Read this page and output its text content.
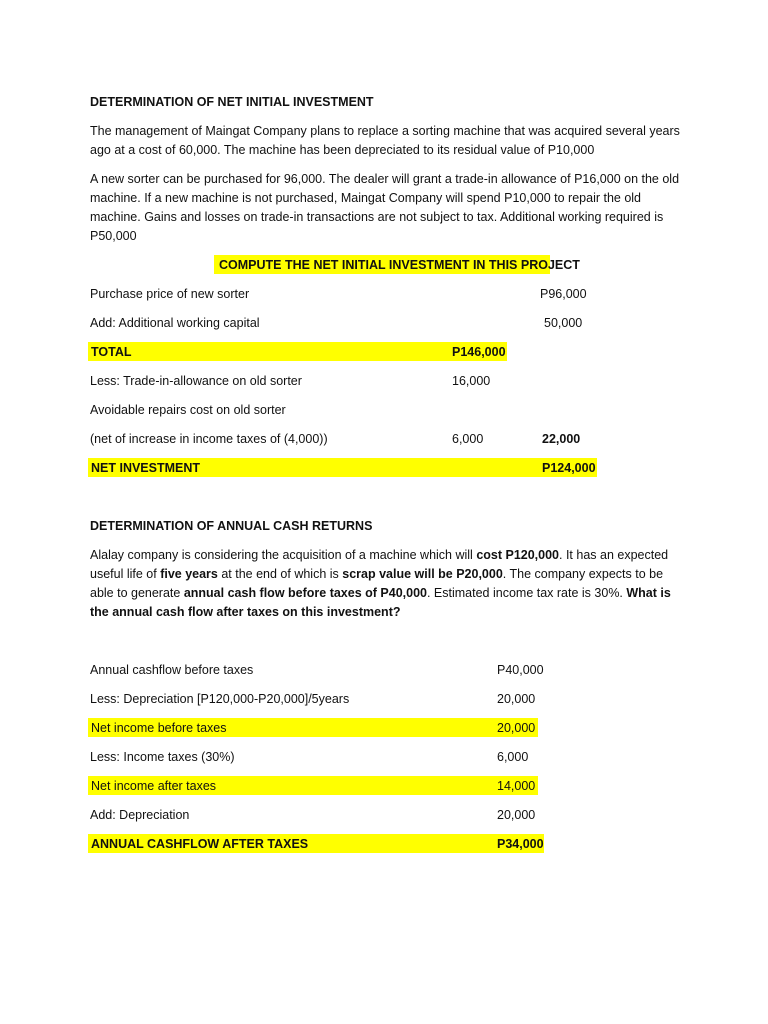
DETERMINATION OF NET INITIAL INVESTMENT
The management of Maingat Company plans to replace a sorting machine that was acquired several years ago at a cost of 60,000. The machine has been depreciated to its residual value of P10,000
A new sorter can be purchased for 96,000. The dealer will grant a trade-in allowance of P16,000 on the old machine. If a new machine is not purchased, Maingat Company will spend P10,000 to repair the old machine. Gains and losses on trade-in transactions are not subject to tax. Additional working required is P50,000
COMPUTE THE NET INITIAL INVESTMENT IN THIS PROJECT
Purchase price of new sorter	P96,000
Add: Additional working capital	50,000
TOTAL	P146,000
Less: Trade-in-allowance on old sorter	16,000
Avoidable repairs cost on old sorter
(net of increase in income taxes of (4,000))	6,000	22,000
NET INVESTMENT	P124,000
DETERMINATION OF ANNUAL CASH RETURNS
Alalay company is considering the acquisition of a machine which will cost P120,000. It has an expected useful life of five years at the end of which is scrap value will be P20,000. The company expects to be able to generate annual cash flow before taxes of P40,000. Estimated income tax rate is 30%. What is the annual cash flow after taxes on this investment?
Annual cashflow before taxes	P40,000
Less: Depreciation [P120,000-P20,000]/5years	20,000
Net income before taxes	20,000
Less: Income taxes (30%)	6,000
Net income after taxes	14,000
Add: Depreciation	20,000
ANNUAL CASHFLOW AFTER TAXES	P34,000
